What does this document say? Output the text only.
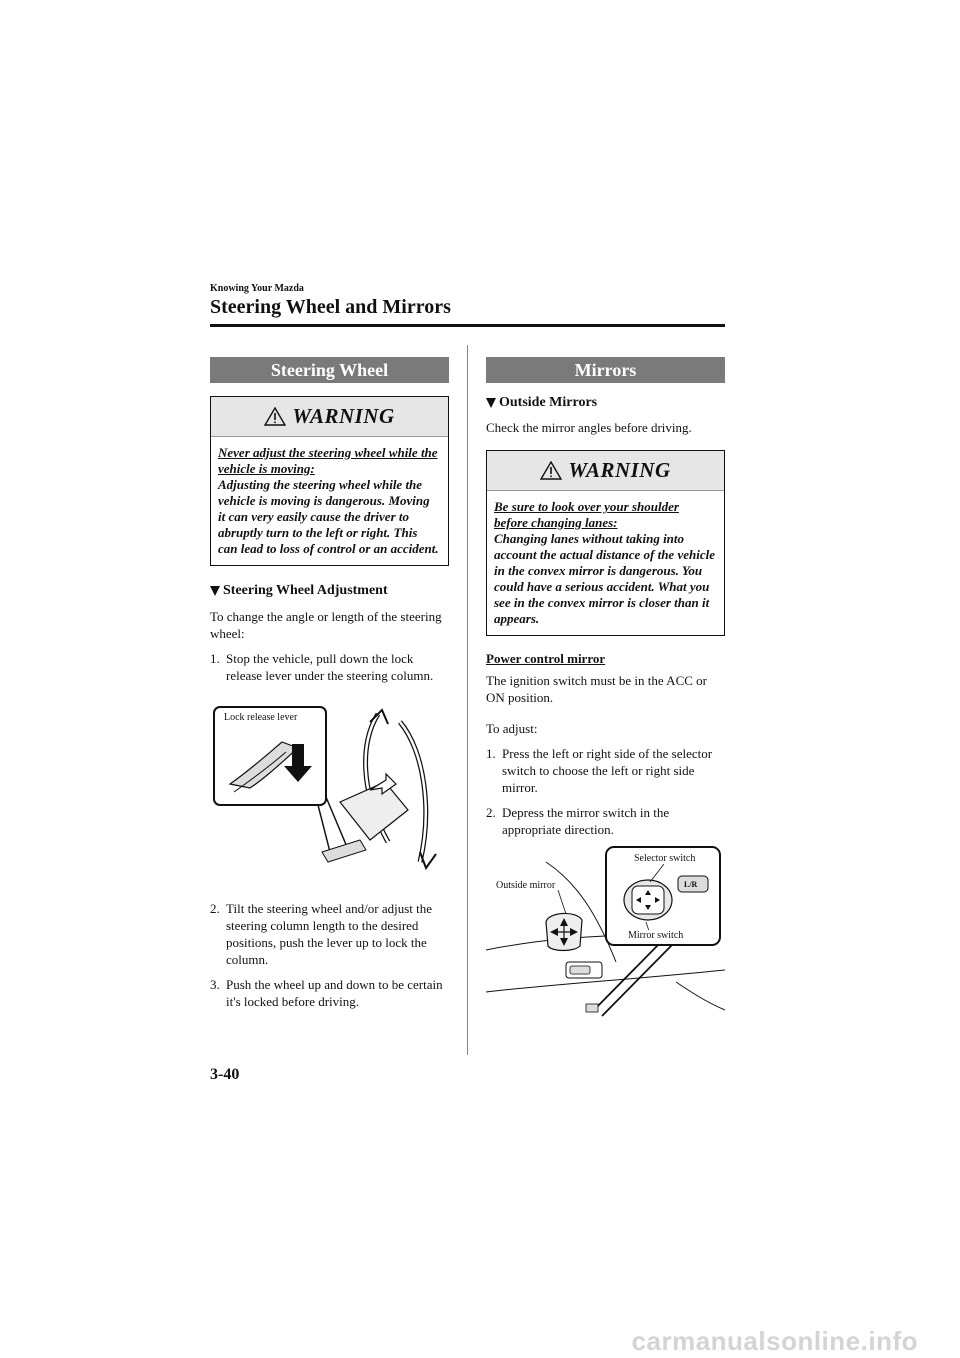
Knowing Your Mazda
Steering Wheel and Mirrors
Steering Wheel
WARNING
Never adjust the steering wheel while the vehicle is moving:
Adjusting the steering wheel while the vehicle is moving is dangerous. Moving it can very easily cause the driver to abruptly turn to the left or right. This can lead to loss of control or an accident.
Steering Wheel Adjustment

To change the angle or length of the steering wheel:

1. Stop the vehicle, pull down the lock release lever under the steering column.
Lock release lever
2. Tilt the steering wheel and/or adjust the steering column length to the desired positions, push the lever up to lock the column.
3. Push the wheel up and down to be certain it's locked before driving.
Mirrors
Outside Mirrors

Check the mirror angles before driving.

WARNING
Be sure to look over your shoulder before changing lanes:
Changing lanes without taking into account the actual distance of the vehicle in the convex mirror is dangerous. You could have a serious accident. What you see in the convex mirror is closer than it appears.

Power control mirror

The ignition switch must be in the ACC or ON position.

To adjust:

1. Press the left or right side of the selector switch to choose the left or right side mirror.
2. Depress the mirror switch in the appropriate direction.
Selector switch
Outside mirror
Mirror switch
L/R
3-40
carmanualsonline.info
